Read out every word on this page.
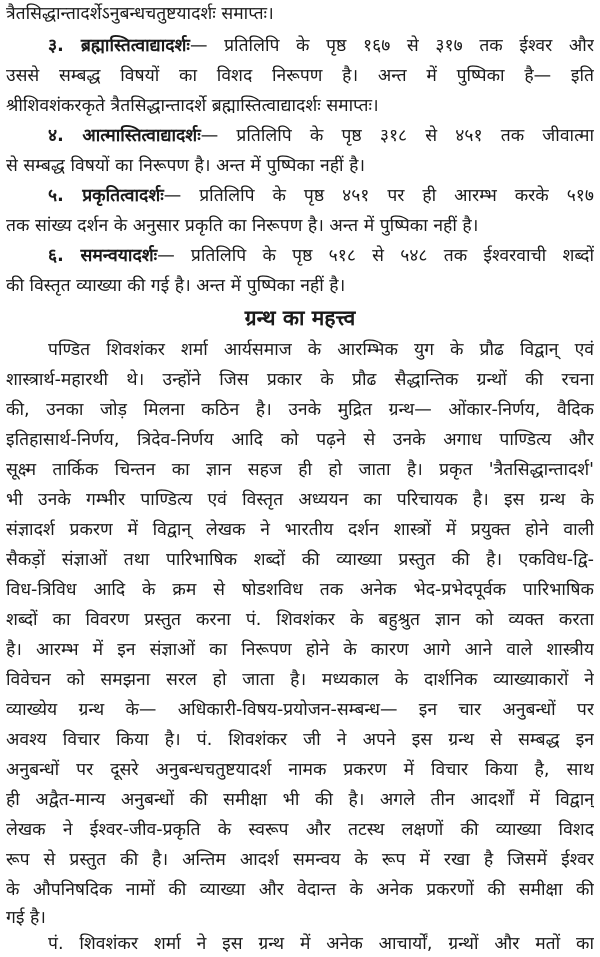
त्रैतसिद्धान्तादर्शेऽनुबन्धचतुष्टयादर्शः समाप्तः।
३. ब्रह्मास्तित्वाद्यादर्शः— प्रतिलिपि के पृष्ठ १६७ से ३१७ तक ईश्वर और
उससे सम्बद्ध विषयों का विशद निरूपण है। अन्त में पुष्पिका है— इति
श्रीशिवशंकरकृते त्रैतसिद्धान्तादर्शे ब्रह्मास्तित्वाद्यादर्शः समाप्तः।
४. आत्मास्तित्वाद्यादर्शः— प्रतिलिपि के पृष्ठ ३१८ से ४५१ तक जीवात्मा
से सम्बद्ध विषयों का निरूपण है। अन्त में पुष्पिका नहीं है।
५. प्रकृतित्वादर्शः— प्रतिलिपि के पृष्ठ ४५१ पर ही आरम्भ करके ५१७
तक सांख्य दर्शन के अनुसार प्रकृति का निरूपण है। अन्त में पुष्पिका नहीं है।
६. समन्वयादर्शः— प्रतिलिपि के पृष्ठ ५१८ से ५४८ तक ईश्वरवाची शब्दों
की विस्तृत व्याख्या की गई है। अन्त में पुष्पिका नहीं है।
ग्रन्थ का महत्त्व
पण्डित शिवशंकर शर्मा आर्यसमाज के आरम्भिक युग के प्रौढ विद्वान् एवं
शास्त्रार्थ-महारथी थे। उन्होंने जिस प्रकार के प्रौढ सैद्धान्तिक ग्रन्थों की रचना
की, उनका जोड़ मिलना कठिन है। उनके मुद्रित ग्रन्थ— ओंकार-निर्णय, वैदिक
इतिहासार्थ-निर्णय, त्रिदेव-निर्णय आदि को पढ़ने से उनके अगाध पाण्डित्य और
सूक्ष्म तार्किक चिन्तन का ज्ञान सहज ही हो जाता है। प्रकृत 'त्रैतसिद्धान्तादर्श'
भी उनके गम्भीर पाण्डित्य एवं विस्तृत अध्ययन का परिचायक है। इस ग्रन्थ के
संज्ञादर्श प्रकरण में विद्वान् लेखक ने भारतीय दर्शन शास्त्रों में प्रयुक्त होने वाली
सैकड़ों संज्ञाओं तथा पारिभाषिक शब्दों की व्याख्या प्रस्तुत की है। एकविध-द्वि-
विध-त्रिविध आदि के क्रम से षोडशविध तक अनेक भेद-प्रभेदपूर्वक पारिभाषिक
शब्दों का विवरण प्रस्तुत करना पं. शिवशंकर के बहुश्रुत ज्ञान को व्यक्त करता
है। आरम्भ में इन संज्ञाओं का निरूपण होने के कारण आगे आने वाले शास्त्रीय
विवेचन को समझना सरल हो जाता है। मध्यकाल के दार्शनिक व्याख्याकारों ने
व्याख्येय ग्रन्थ के— अधिकारी-विषय-प्रयोजन-सम्बन्ध— इन चार अनुबन्धों पर
अवश्य विचार किया है। पं. शिवशंकर जी ने अपने इस ग्रन्थ से सम्बद्ध इन
अनुबन्धों पर दूसरे अनुबन्धचतुष्टयादर्श नामक प्रकरण में विचार किया है, साथ
ही अद्वैत-मान्य अनुबन्धों की समीक्षा भी की है। अगले तीन आदर्शों में विद्वान्
लेखक ने ईश्वर-जीव-प्रकृति के स्वरूप और तटस्थ लक्षणों की व्याख्या विशद
रूप से प्रस्तुत की है। अन्तिम आदर्श समन्वय के रूप में रखा है जिसमें ईश्वर
के औपनिषदिक नामों की व्याख्या और वेदान्त के अनेक प्रकरणों की समीक्षा की
गई है।
पं. शिवशंकर शर्मा ने इस ग्रन्थ में अनेक आचार्यों, ग्रन्थों और मतों का
